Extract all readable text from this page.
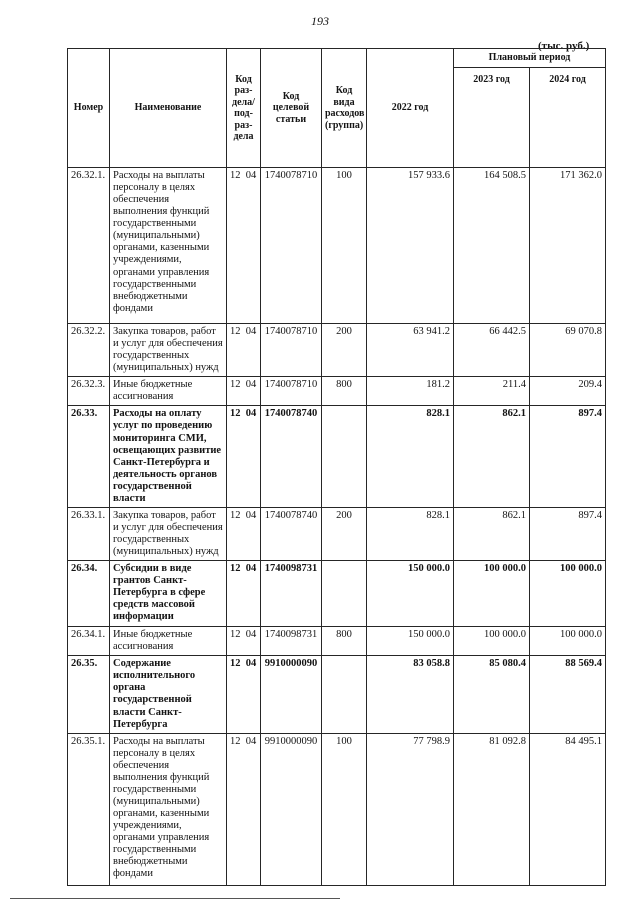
193
(тыс. руб.)
Номер	Наименование	Код раз-дела/ под-раз-дела	Код целевой статьи	Код вида расходов (группа)	2022 год	Плановый период	
						2023 год	2024 год
26.32.1.	Расходы на выплаты персоналу в целях обеспечения выполнения функций государственными (муниципальными) органами, казенными учреждениями, органами управления государственными внебюджетными фондами	12 04	1740078710	100	157 933.6	164 508.5	171 362.0
26.32.2.	Закупка товаров, работ и услуг для обеспечения государственных (муниципальных) нужд	12 04	1740078710	200	63 941.2	66 442.5	69 070.8
26.32.3.	Иные бюджетные ассигнования	12 04	1740078710	800	181.2	211.4	209.4
26.33.	Расходы на оплату услуг по проведению мониторинга СМИ, освещающих развитие Санкт-Петербурга и деятельность органов государственной власти	12 04	1740078740		828.1	862.1	897.4
26.33.1.	Закупка товаров, работ и услуг для обеспечения государственных (муниципальных) нужд	12 04	1740078740	200	828.1	862.1	897.4
26.34.	Субсидии в виде грантов Санкт-Петербурга в сфере средств массовой информации	12 04	1740098731		150 000.0	100 000.0	100 000.0
26.34.1.	Иные бюджетные ассигнования	12 04	1740098731	800	150 000.0	100 000.0	100 000.0
26.35.	Содержание исполнительного органа государственной власти Санкт-Петербурга	12 04	9910000090		83 058.8	85 080.4	88 569.4
26.35.1.	Расходы на выплаты персоналу в целях обеспечения выполнения функций государственными (муниципальными) органами, казенными учреждениями, органами управления государственными внебюджетными фондами	12 04	9910000090	100	77 798.9	81 092.8	84 495.1
